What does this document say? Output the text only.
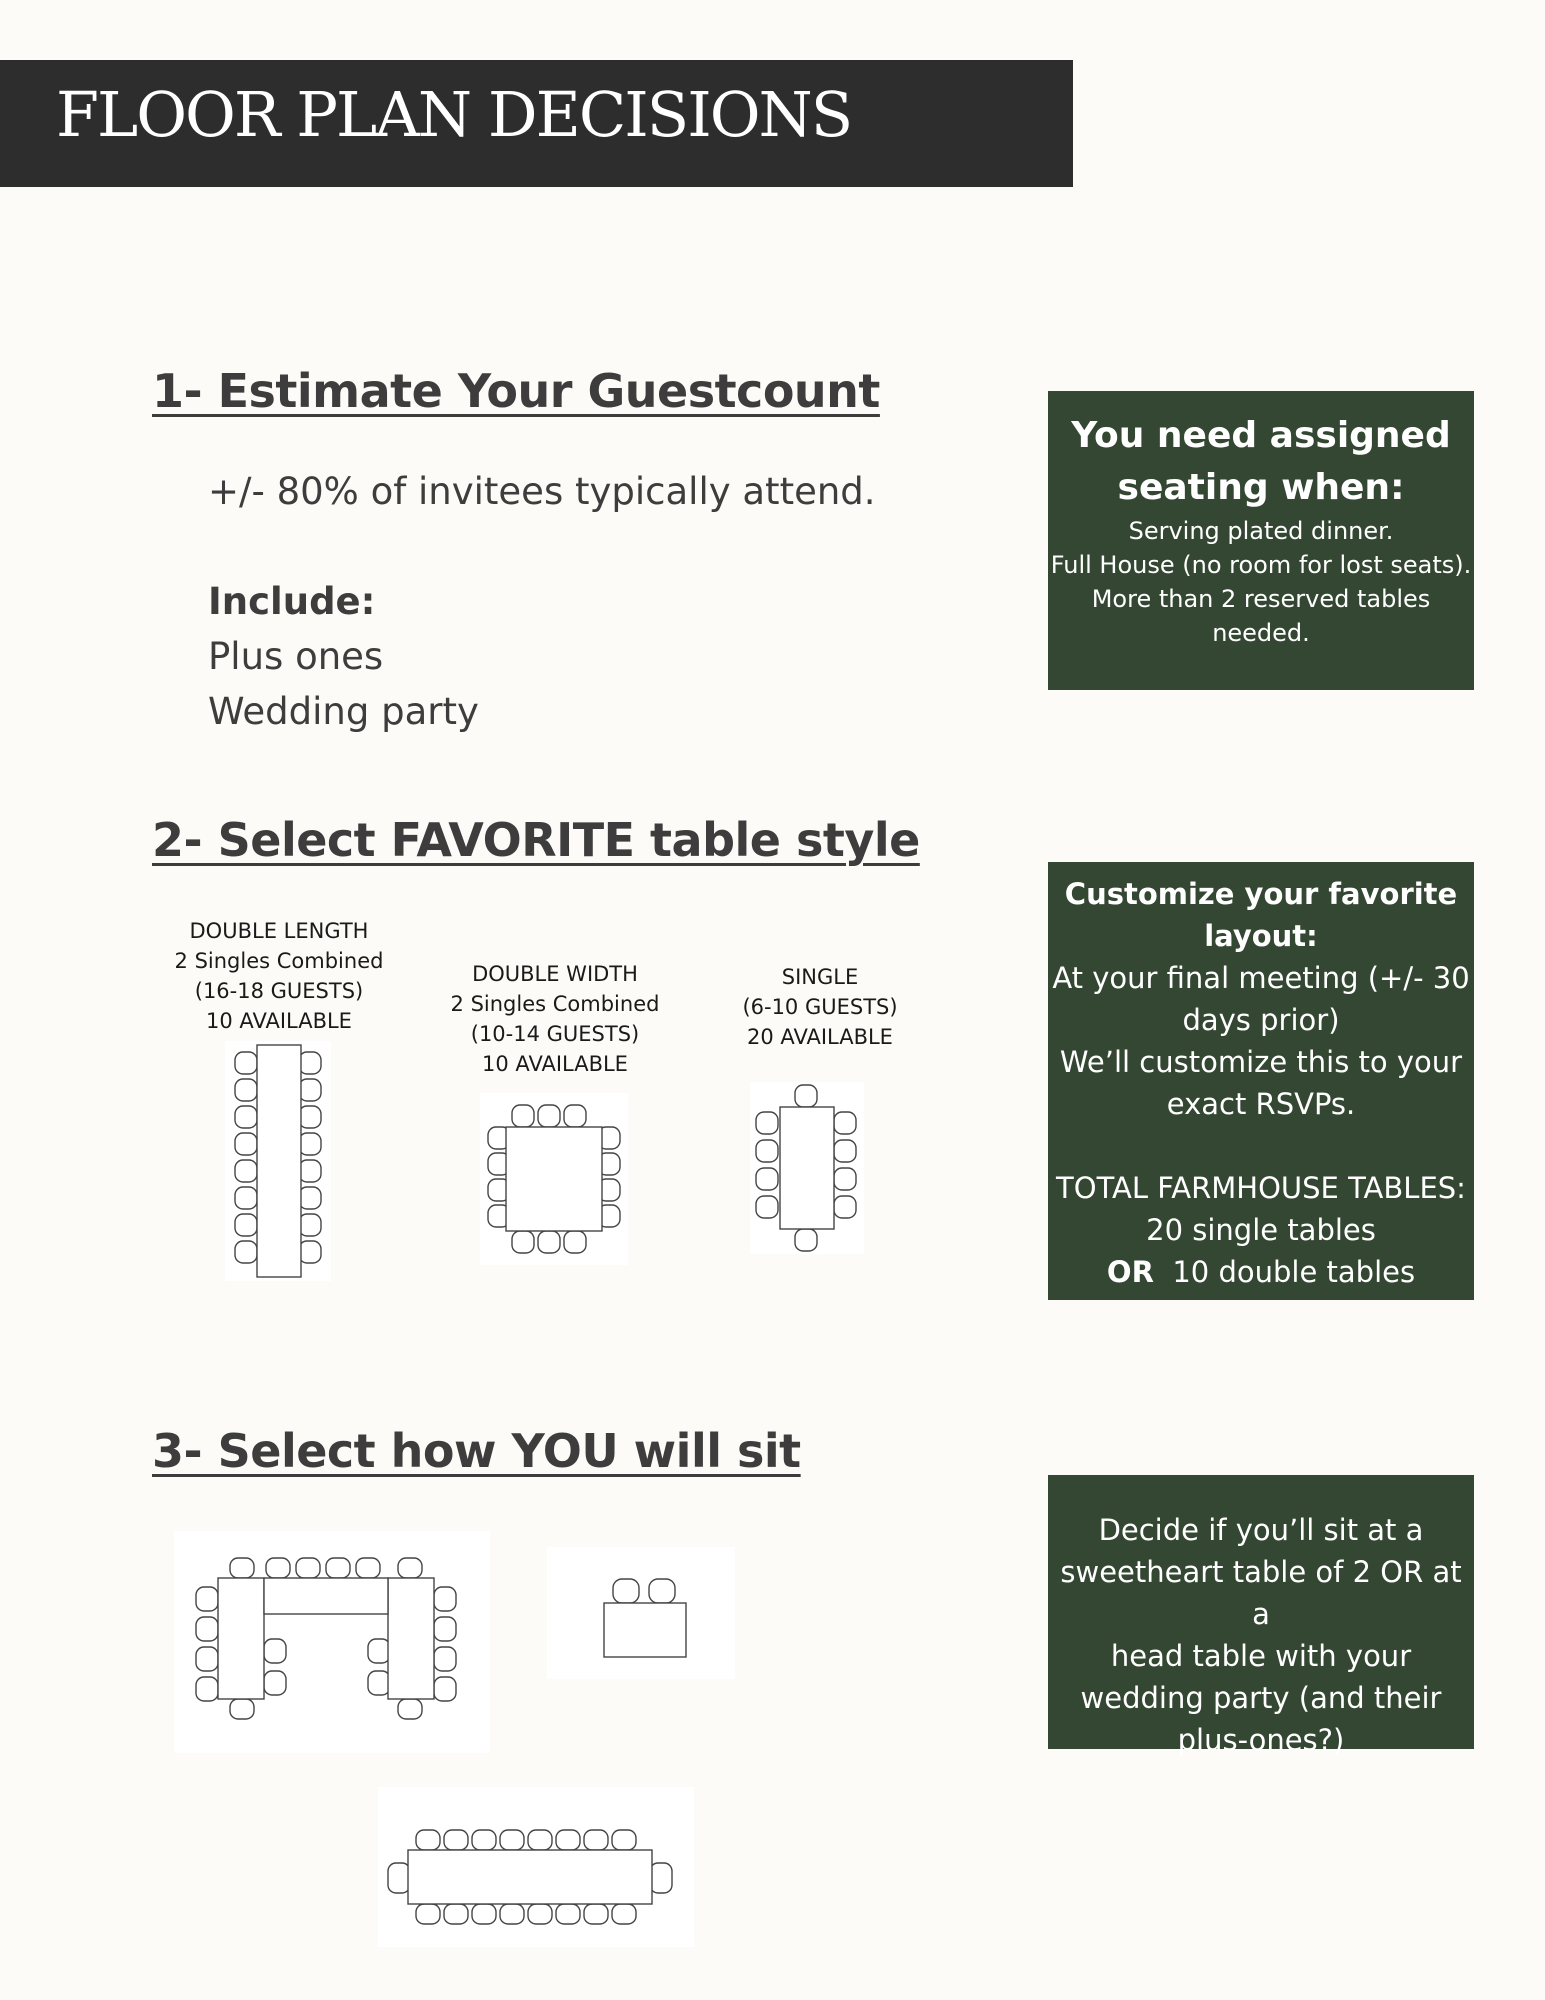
FLOOR PLAN DECISIONS
1- Estimate Your Guestcount
+/- 80% of invitees typically attend.
Include:
Plus ones
Wedding party
You need assigned
seating when:
Serving plated dinner.
Full House (no room for lost seats).
More than 2 reserved tables
needed.
2- Select FAVORITE table style
DOUBLE LENGTH
2 Singles Combined
(16-18 GUESTS)
10 AVAILABLE
DOUBLE WIDTH
2 Singles Combined
(10-14 GUESTS)
10 AVAILABLE
SINGLE
(6-10 GUESTS)
20 AVAILABLE
Customize your favorite
layout:
At your final meeting (+/- 30
days prior)
We’ll customize this to your
exact RSVPs.
TOTAL FARMHOUSE TABLES:
20 single tables
OR 10 double tables
3- Select how YOU will sit
Decide if you’ll sit at a
sweetheart table of 2 OR at a
head table with your
wedding party (and their
plus-ones?)
